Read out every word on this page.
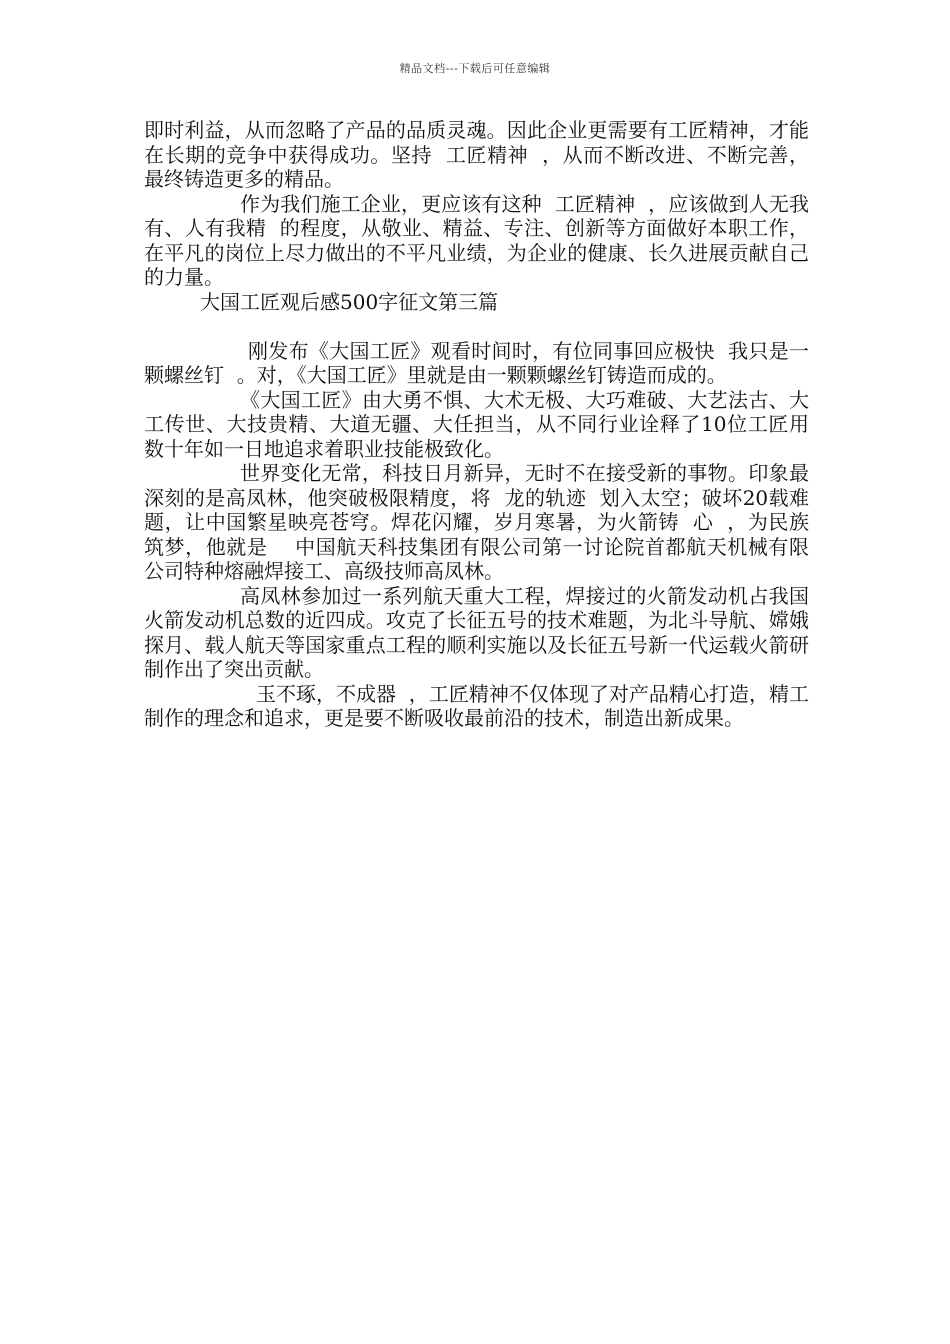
精品文档---下载后可任意编辑

即时利益，从而忽略了产品的品质灵魂。因此企业更需要有工匠精神，才能在长期的竞争中获得成功。坚持  工匠精神  ，从而不断改进、不断完善，最终铸造更多的精品。

作为我们施工企业，更应该有这种  工匠精神  ，应该做到人无我有、人有我精  的程度，从敬业、精益、专注、创新等方面做好本职工作，在平凡的岗位上尽力做出的不平凡业绩，为企业的健康、长久进展贡献自己的力量。

大国工匠观后感500字征文第三篇

刚发布《大国工匠》观看时间时，有位同事回应极快  我只是一颗螺丝钉  。对，《大国工匠》里就是由一颗颗螺丝钉铸造而成的。

《大国工匠》由大勇不惧、大术无极、大巧难破、大艺法古、大工传世、大技贵精、大道无疆、大任担当，从不同行业诠释了10位工匠用数十年如一日地追求着职业技能极致化。

世界变化无常，科技日月新异，无时不在接受新的事物。印象最深刻的是高凤林，他突破极限精度，将  龙的轨迹  划入太空；破坏20载难题，让中国繁星映亮苍穹。焊花闪耀，岁月寒暑，为火箭铸  心  ，为民族筑梦，他就是    中国航天科技集团有限公司第一讨论院首都航天机械有限公司特种熔融焊接工、高级技师高凤林。

高凤林参加过一系列航天重大工程，焊接过的火箭发动机占我国火箭发动机总数的近四成。攻克了长征五号的技术难题，为北斗导航、嫦娥探月、载人航天等国家重点工程的顺利实施以及长征五号新一代运载火箭研制作出了突出贡献。

玉不琢，不成器  ，工匠精神不仅体现了对产品精心打造，精工制作的理念和追求，更是要不断吸收最前沿的技术，制造出新成果。
